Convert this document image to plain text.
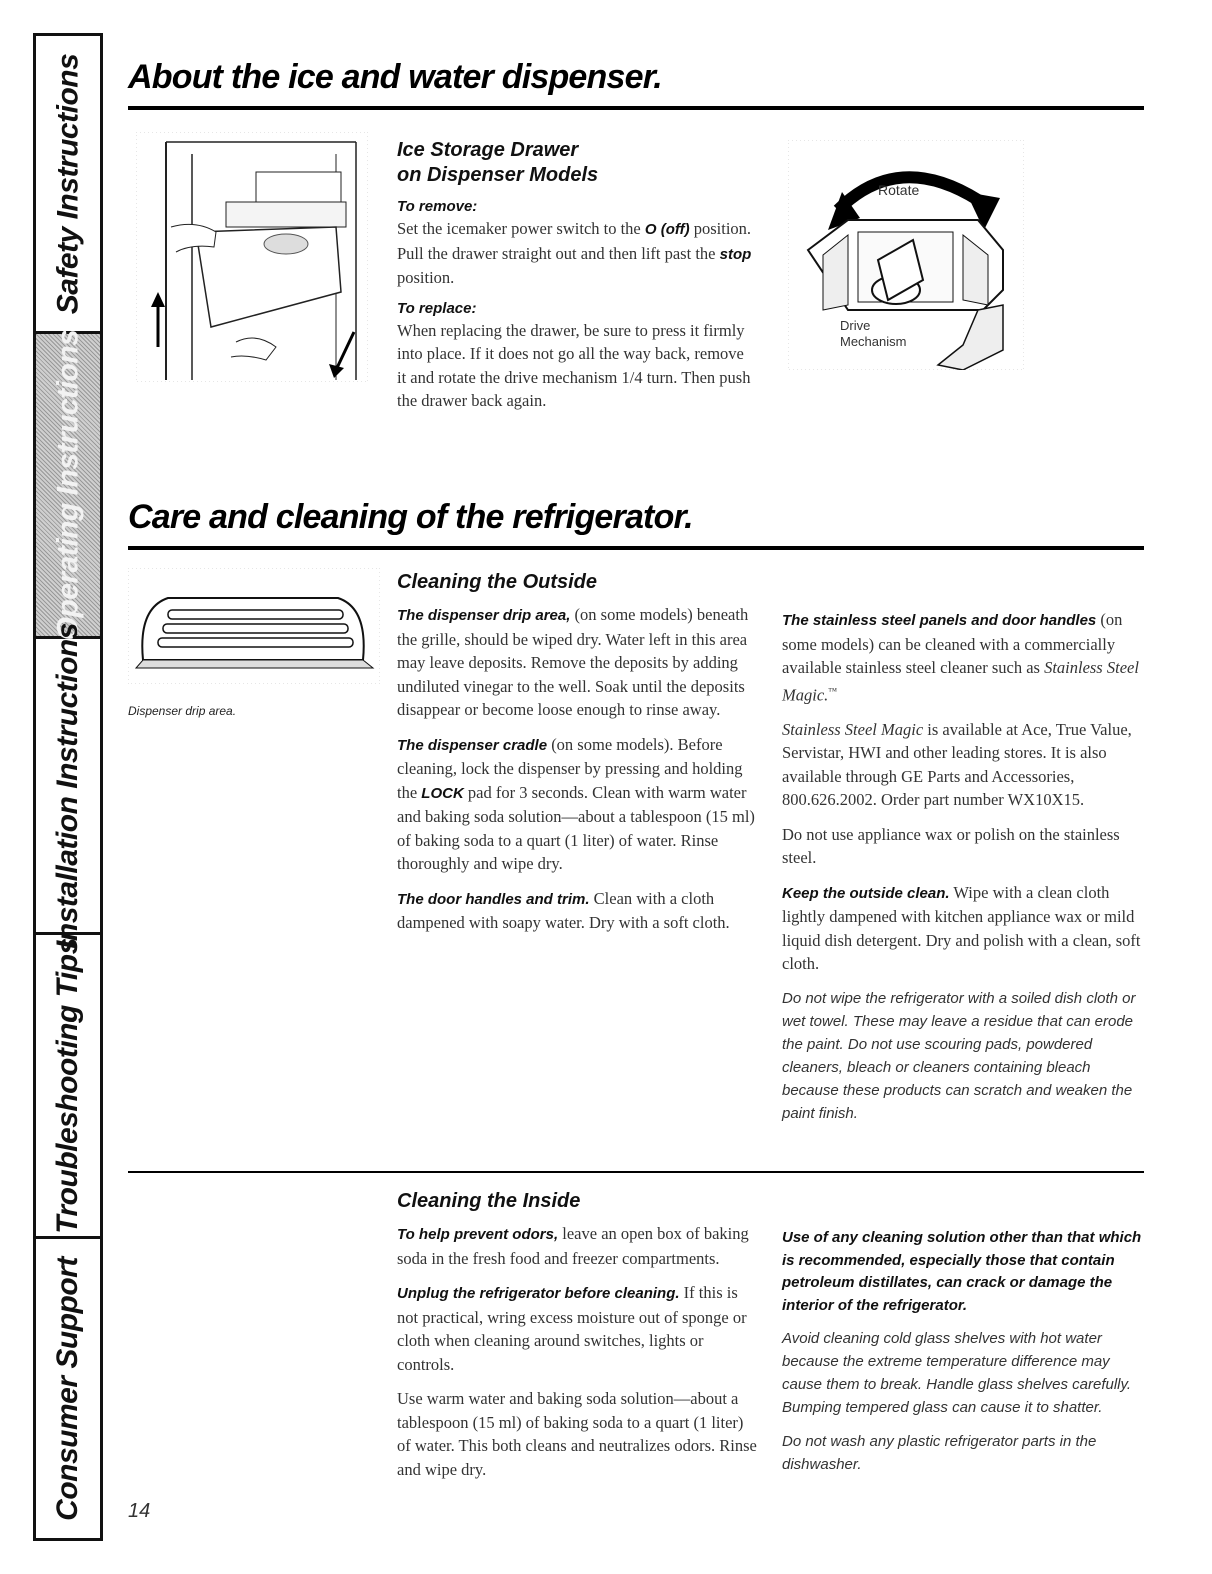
Safety Instructions
Operating Instructions
Installation Instructions
Troubleshooting Tips
Consumer Support
About the ice and water dispenser.

Ice Storage Drawer
on Dispenser Models

To remove:

Set the icemaker power switch to the O (off) position. Pull the drawer straight out and then lift past the stop position.

To replace:

When replacing the drawer, be sure to press it firmly into place. If it does not go all the way back, remove it and rotate the drive mechanism 1/4 turn. Then push the drawer back again.

Rotate
Drive
Mechanism
Care and cleaning of the refrigerator.
Dispenser drip area.

Cleaning the Outside

The dispenser drip area, (on some models) beneath the grille, should be wiped dry. Water left in this area may leave deposits. Remove the deposits by adding undiluted vinegar to the well. Soak until the deposits disappear or become loose enough to rinse away.

The dispenser cradle (on some models). Before cleaning, lock the dispenser by pressing and holding the LOCK pad for 3 seconds. Clean with warm water and baking soda solution—about a tablespoon (15 ml) of baking soda to a quart (1 liter) of water. Rinse thoroughly and wipe dry.

The door handles and trim. Clean with a cloth dampened with soapy water. Dry with a soft cloth.

The stainless steel panels and door handles (on some models) can be cleaned with a commercially available stainless steel cleaner such as Stainless Steel Magic.™

Stainless Steel Magic is available at Ace, True Value, Servistar, HWI and other leading stores. It is also available through GE Parts and Accessories, 800.626.2002. Order part number WX10X15.

Do not use appliance wax or polish on the stainless steel.

Keep the outside clean. Wipe with a clean cloth lightly dampened with kitchen appliance wax or mild liquid dish detergent. Dry and polish with a clean, soft cloth.

Do not wipe the refrigerator with a soiled dish cloth or wet towel. These may leave a residue that can erode the paint. Do not use scouring pads, powdered cleaners, bleach or cleaners containing bleach because these products can scratch and weaken the paint finish.

Cleaning the Inside

To help prevent odors, leave an open box of baking soda in the fresh food and freezer compartments.

Unplug the refrigerator before cleaning. If this is not practical, wring excess moisture out of sponge or cloth when cleaning around switches, lights or controls.

Use warm water and baking soda solution—about a tablespoon (15 ml) of baking soda to a quart (1 liter) of water. This both cleans and neutralizes odors. Rinse and wipe dry.

Use of any cleaning solution other than that which is recommended, especially those that contain petroleum distillates, can crack or damage the interior of the refrigerator.

Avoid cleaning cold glass shelves with hot water because the extreme temperature difference may cause them to break. Handle glass shelves carefully. Bumping tempered glass can cause it to shatter.

Do not wash any plastic refrigerator parts in the dishwasher.

14
